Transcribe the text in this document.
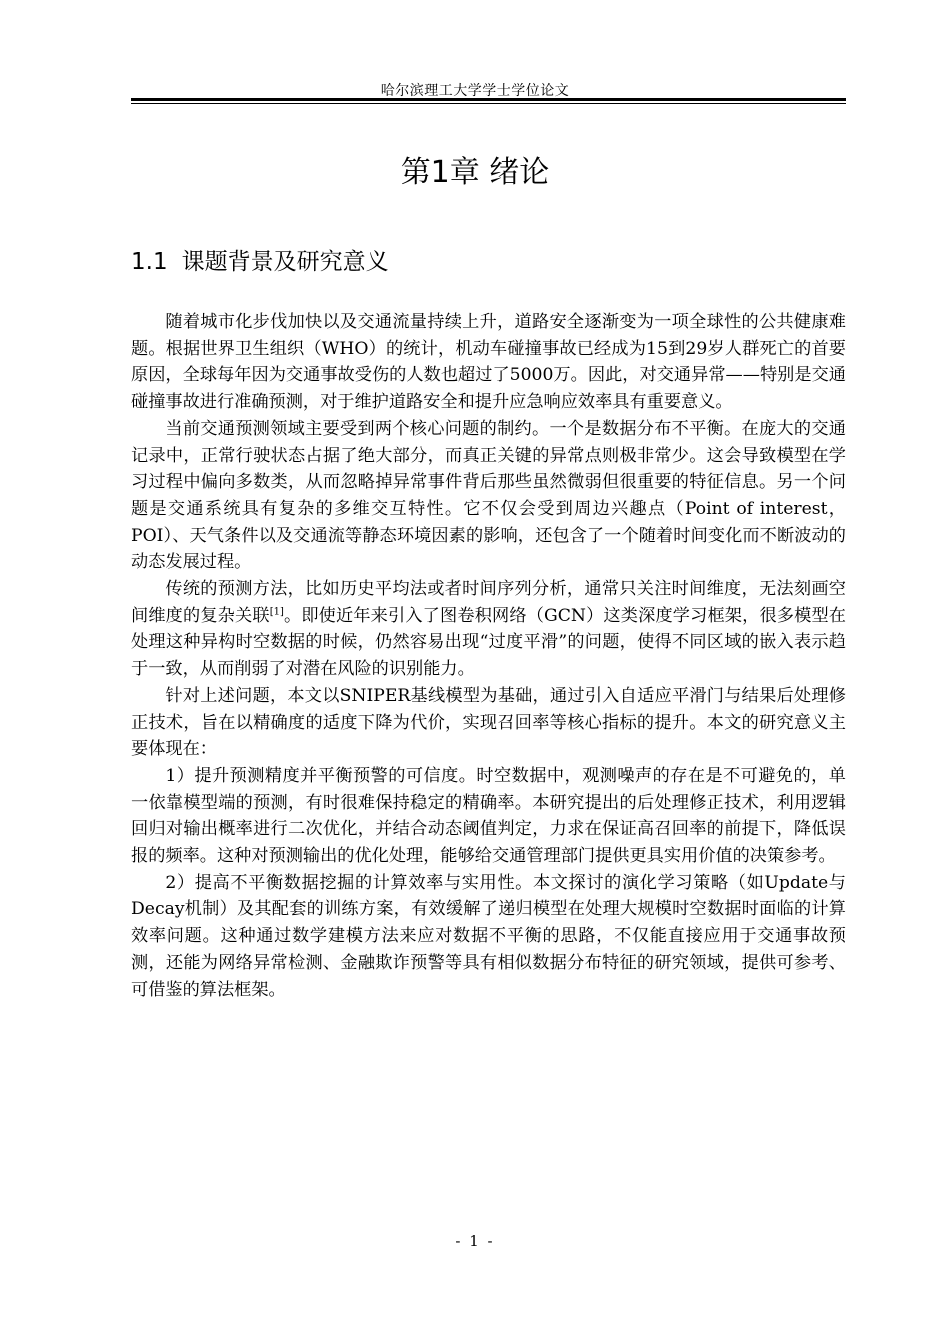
哈尔滨理工大学学士学位论文
第1章 绪论
1.1 课题背景及研究意义

随着城市化步伐加快以及交通流量持续上升，道路安全逐渐变为一项全球性的公共健康难题。根据世界卫生组织（WHO）的统计，机动车碰撞事故已经成为15到29岁人群死亡的首要原因，全球每年因为交通事故受伤的人数也超过了5000万。因此，对交通异常——特别是交通碰撞事故进行准确预测，对于维护道路安全和提升应急响应效率具有重要意义。

当前交通预测领域主要受到两个核心问题的制约。一个是数据分布不平衡。在庞大的交通记录中，正常行驶状态占据了绝大部分，而真正关键的异常点则极非常少。这会导致模型在学习过程中偏向多数类，从而忽略掉异常事件背后那些虽然微弱但很重要的特征信息。另一个问题是交通系统具有复杂的多维交互特性。它不仅会受到周边兴趣点（Point of interest，POI）、天气条件以及交通流等静态环境因素的影响，还包含了一个随着时间变化而不断波动的动态发展过程。

传统的预测方法，比如历史平均法或者时间序列分析，通常只关注时间维度，无法刻画空间维度的复杂关联[1]。即使近年来引入了图卷积网络（GCN）这类深度学习框架，很多模型在处理这种异构时空数据的时候，仍然容易出现“过度平滑”的问题，使得不同区域的嵌入表示趋于一致，从而削弱了对潜在风险的识别能力。

针对上述问题，本文以SNIPER基线模型为基础，通过引入自适应平滑门与结果后处理修正技术，旨在以精确度的适度下降为代价，实现召回率等核心指标的提升。本文的研究意义主要体现在：

1）提升预测精度并平衡预警的可信度。时空数据中，观测噪声的存在是不可避免的，单一依靠模型端的预测，有时很难保持稳定的精确率。本研究提出的后处理修正技术，利用逻辑回归对输出概率进行二次优化，并结合动态阈值判定，力求在保证高召回率的前提下，降低误报的频率。这种对预测输出的优化处理，能够给交通管理部门提供更具实用价值的决策参考。

2）提高不平衡数据挖掘的计算效率与实用性。本文探讨的演化学习策略（如Update与Decay机制）及其配套的训练方案，有效缓解了递归模型在处理大规模时空数据时面临的计算效率问题。这种通过数学建模方法来应对数据不平衡的思路，不仅能直接应用于交通事故预测，还能为网络异常检测、金融欺诈预警等具有相似数据分布特征的研究领域，提供可参考、可借鉴的算法框架。

- 1 -
